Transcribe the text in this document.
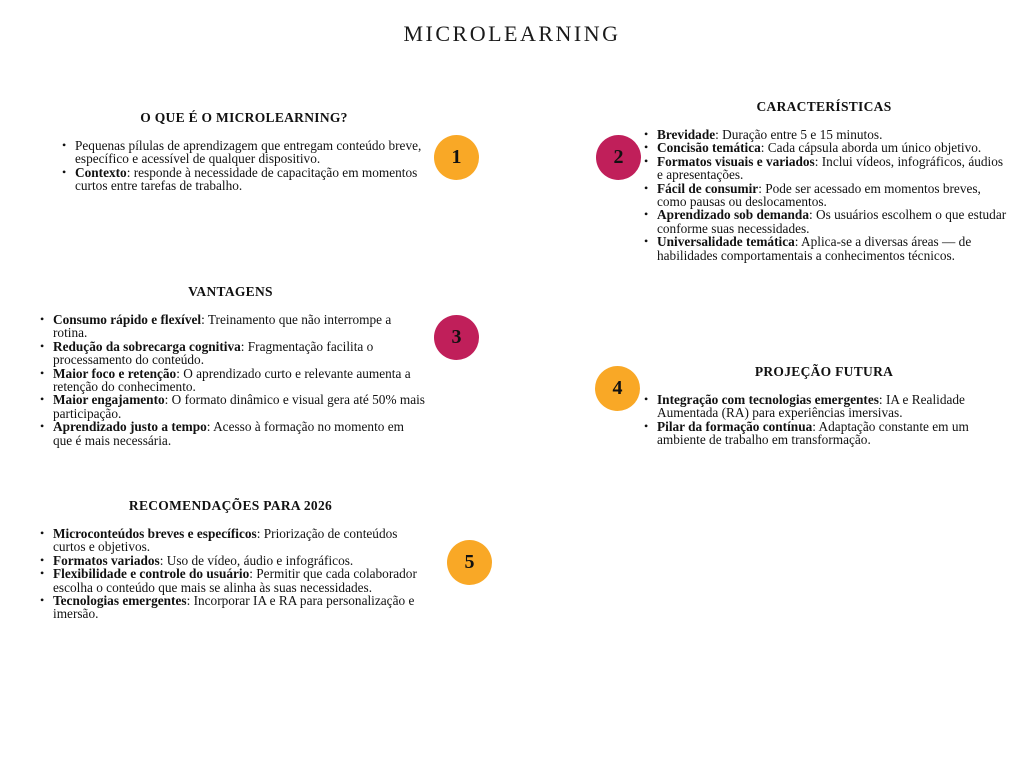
MICROLEARNING
O QUE É O MICROLEARNING?
• Pequenas pílulas de aprendizagem que entregam conteúdo breve, específico e acessível de qualquer dispositivo.
• Contexto: responde à necessidade de capacitação em momentos curtos entre tarefas de trabalho.
CARACTERÍSTICAS
• Brevidade: Duração entre 5 e 15 minutos.
• Concisão temática: Cada cápsula aborda um único objetivo.
• Formatos visuais e variados: Inclui vídeos, infográficos, áudios e apresentações.
• Fácil de consumir: Pode ser acessado em momentos breves, como pausas ou deslocamentos.
• Aprendizado sob demanda: Os usuários escolhem o que estudar conforme suas necessidades.
• Universalidade temática: Aplica-se a diversas áreas — de habilidades comportamentais a conhecimentos técnicos.
VANTAGENS
• Consumo rápido e flexível: Treinamento que não interrompe a rotina.
• Redução da sobrecarga cognitiva: Fragmentação facilita o processamento do conteúdo.
• Maior foco e retenção: O aprendizado curto e relevante aumenta a retenção do conhecimento.
• Maior engajamento: O formato dinâmico e visual gera até 50% mais participação.
• Aprendizado justo a tempo: Acesso à formação no momento em que é mais necessária.
PROJEÇÃO FUTURA
• Integração com tecnologias emergentes: IA e Realidade Aumentada (RA) para experiências imersivas.
• Pilar da formação contínua: Adaptação constante em um ambiente de trabalho em transformação.
RECOMENDAÇÕES PARA 2026
• Microconteúdos breves e específicos: Priorização de conteúdos curtos e objetivos.
• Formatos variados: Uso de vídeo, áudio e infográficos.
• Flexibilidade e controle do usuário: Permitir que cada colaborador escolha o conteúdo que mais se alinha às suas necessidades.
• Tecnologias emergentes: Incorporar IA e RA para personalização e imersão.
1	2
3
4
5
